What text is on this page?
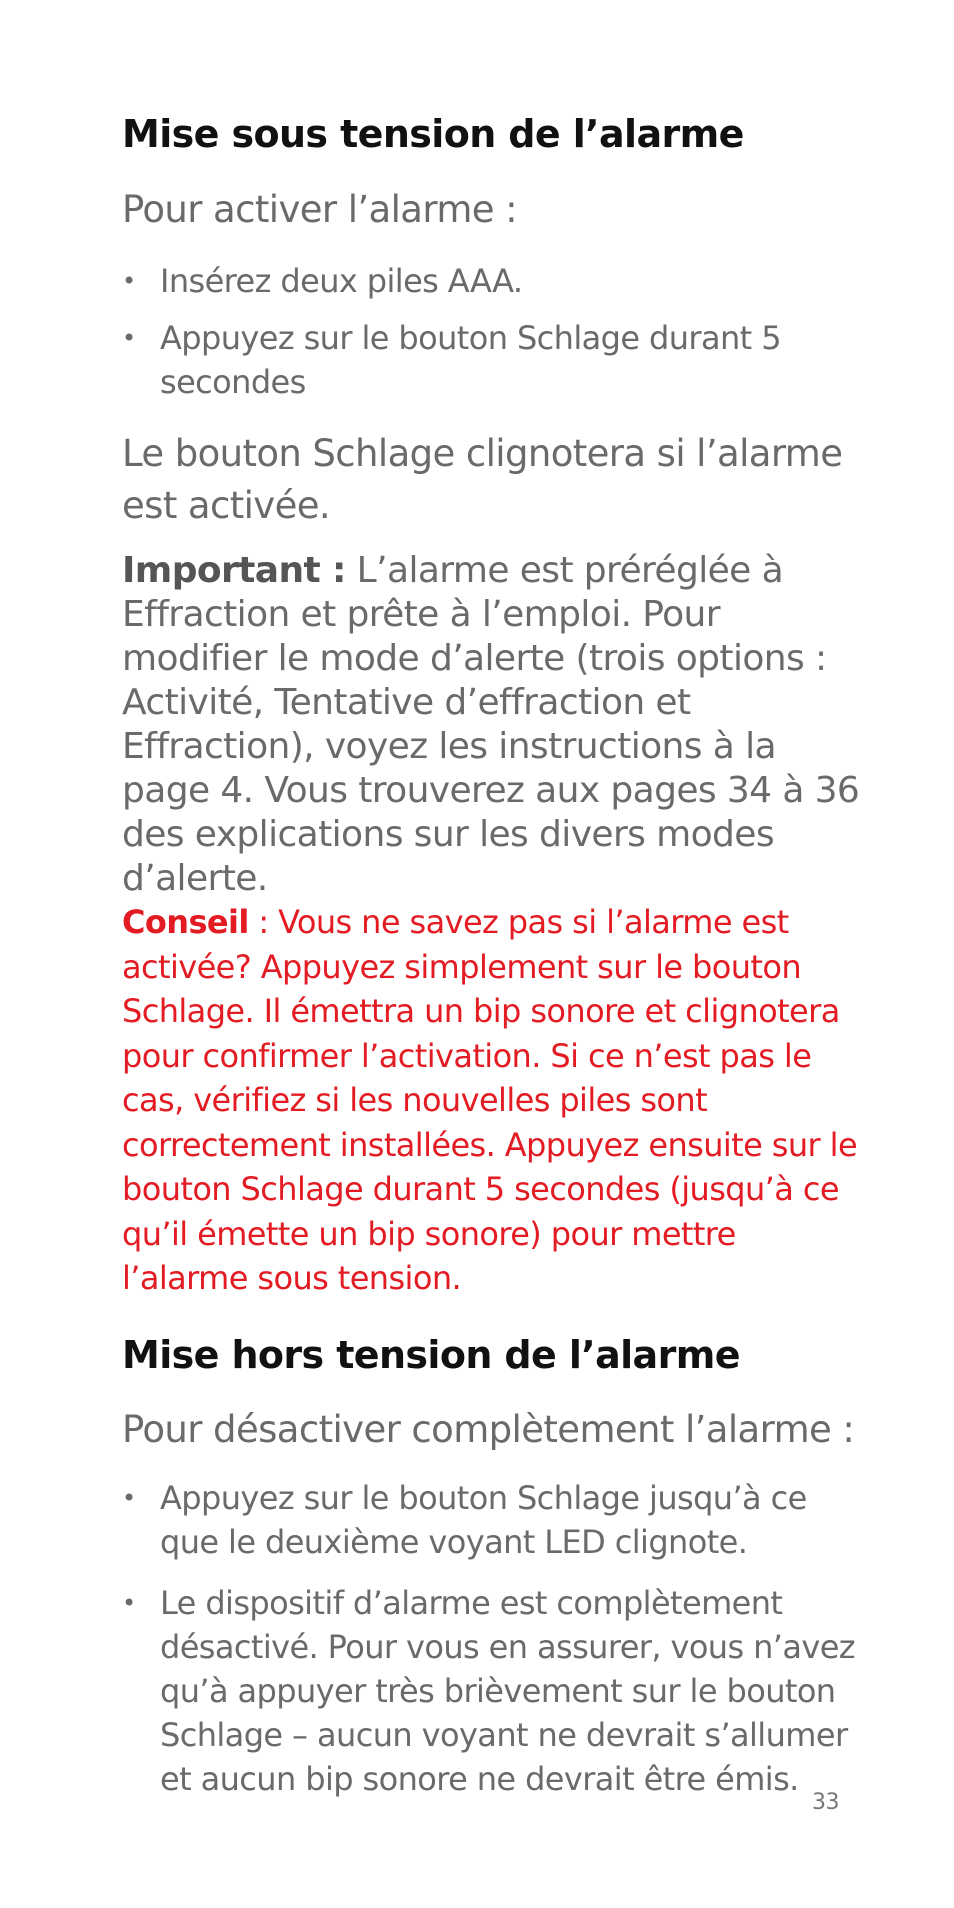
Mise sous tension de l’alarme

Pour activer l’alarme :

• Insérez deux piles AAA.
• Appuyez sur le bouton Schlage durant 5 secondes

Le bouton Schlage clignotera si l’alarme est activée.

Important : L’alarme est préréglée à Effraction et prête à l’emploi. Pour modifier le mode d’alerte (trois options : Activité, Tentative d’effraction et Effraction), voyez les instructions à la page 4. Vous trouverez aux pages 34 à 36 des explications sur les divers modes d’alerte.

Conseil : Vous ne savez pas si l’alarme est activée? Appuyez simplement sur le bouton Schlage. Il émettra un bip sonore et clignotera pour confirmer l’activation. Si ce n’est pas le cas, vérifiez si les nouvelles piles sont correctement installées. Appuyez ensuite sur le bouton Schlage durant 5 secondes (jusqu’à ce qu’il émette un bip sonore) pour mettre l’alarme sous tension.

Mise hors tension de l’alarme

Pour désactiver complètement l’alarme :

• Appuyez sur le bouton Schlage jusqu’à ce que le deuxième voyant LED clignote.
• Le dispositif d’alarme est complètement désactivé. Pour vous en assurer, vous n’avez qu’à appuyer très brièvement sur le bouton Schlage – aucun voyant ne devrait s’allumer et aucun bip sonore ne devrait être émis.
33
